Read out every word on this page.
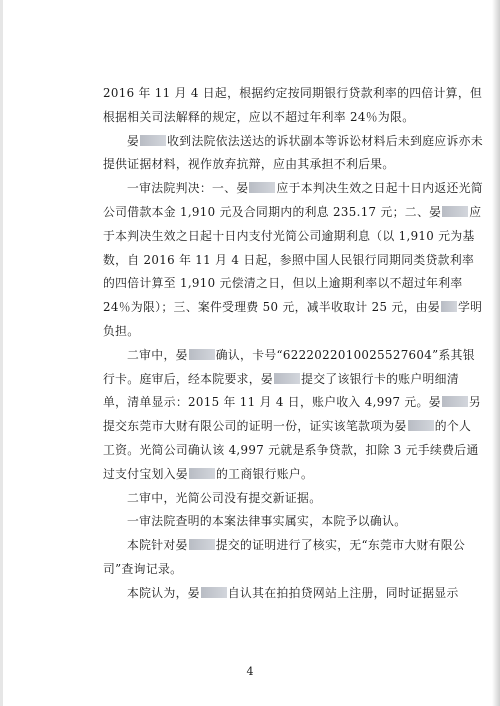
2016 年 11 月 4 日起，根据约定按同期银行贷款利率的四倍计算，但根据相关司法解释的规定，应以不超过年利率 24％为限。

晏 收到法院依法送达的诉状副本等诉讼材料后未到庭应诉亦未提供证据材料，视作放弃抗辩，应由其承担不利后果。

一审法院判决：一、晏 应于本判决生效之日起十日内返还光简公司借款本金 1,910 元及合同期内的利息 235.17 元；二、晏 应于本判决生效之日起十日内支付光简公司逾期利息（以 1,910 元为基数，自 2016 年 11 月 4 日起，参照中国人民银行同期同类贷款利率的四倍计算至 1,910 元偿清之日，但以上逾期利率以不超过年利率 24％为限）；三、案件受理费 50 元，减半收取计 25 元，由晏 学明负担。

二审中，晏 确认，卡号“6222022010025527604”系其银行卡。庭审后，经本院要求，晏 提交了该银行卡的账户明细清单，清单显示：2015 年 11 月 4 日，账户收入 4,997 元。晏 另提交东莞市大财有限公司的证明一份，证实该笔款项为晏 的个人工资。光简公司确认该 4,997 元就是系争贷款，扣除 3 元手续费后通过支付宝划入晏 的工商银行账户。

二审中，光简公司没有提交新证据。

一审法院查明的本案法律事实属实，本院予以确认。

本院针对晏 提交的证明进行了核实，无“东莞市大财有限公司”查询记录。

本院认为，晏 自认其在拍拍贷网站上注册，同时证据显示

4
